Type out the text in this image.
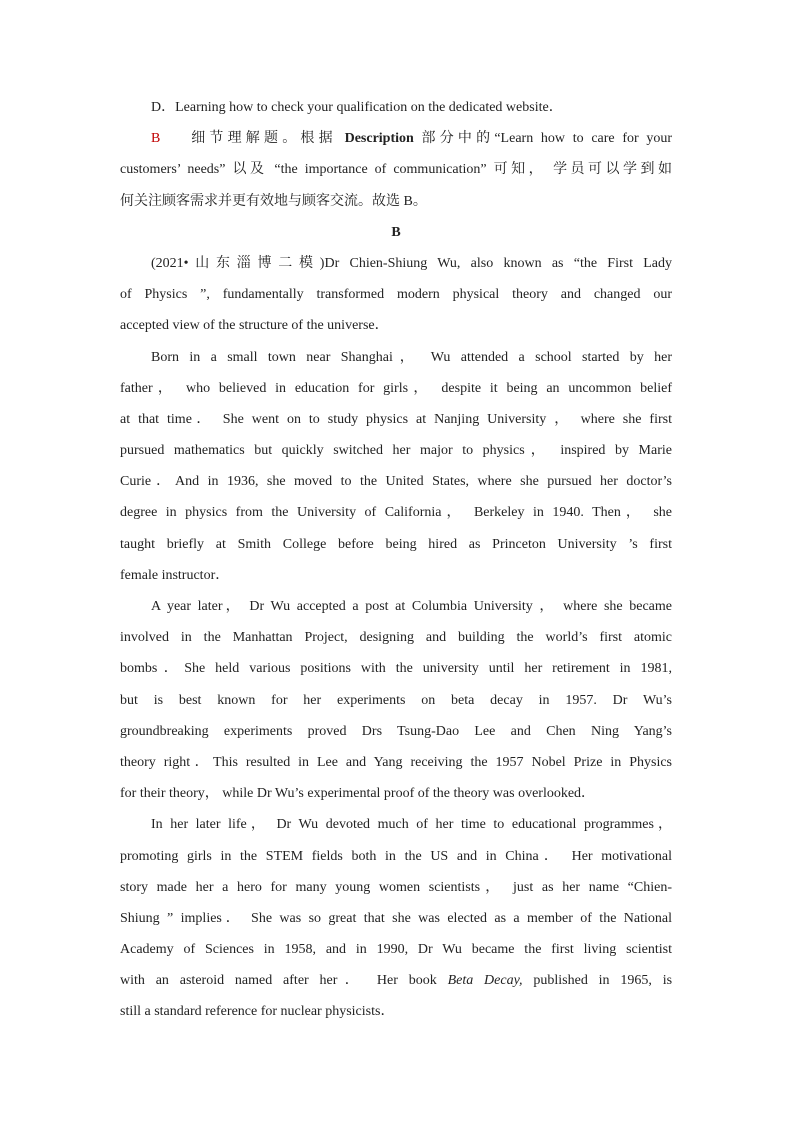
D．Learning how to check your qualification on the dedicated website．
B 细节理解题。根据 Description 部分中的“Learn how to care for your
customers’ needs” 以及 “the importance of communication” 可知， 学员可以学到如
何关注顾客需求并更有效地与顾客交流。故选 B。
B
(2021•山东淄博二模)Dr Chien-Shiung Wu, also known as “the First Lady
of Physics ”, fundamentally transformed modern physical theory and changed our
accepted view of the structure of the universe．
Born in a small town near Shanghai， Wu attended a school started by her
father， who believed in education for girls， despite it being an uncommon belief
at that time． She went on to study physics at Nanjing University ， where she first
pursued mathematics but quickly switched her major to physics， inspired by Marie
Curie．And in 1936, she moved to the United States, where she pursued her doctor’s
degree in physics from the University of California， Berkeley in 1940. Then， she
taught briefly at Smith College before being hired as Princeton University ’s first
female instructor．
A year later， Dr Wu accepted a post at Columbia University ， where she became
involved in the Manhattan Project, designing and building the world’s first atomic
bombs．She held various positions with the university until her retirement in 1981,
but is best known for her experiments on beta decay in 1957. Dr Wu’s
groundbreaking experiments proved Drs Tsung-Dao Lee and Chen Ning Yang’s
theory right．This resulted in Lee and Yang receiving the 1957 Nobel Prize in Physics
for their theory， while Dr Wu’s experimental proof of the theory was overlooked．
In her later life， Dr Wu devoted much of her time to educational programmes，
promoting girls in the STEM fields both in the US and in China． Her motivational
story made her a hero for many young women scientists， just as her name “Chien-
Shiung ” implies． She was so great that she was elected as a member of the National
Academy of Sciences in 1958, and in 1990, Dr Wu became the first living scientist
with an asteroid named after her． Her book Beta Decay, published in 1965, is
still a standard reference for nuclear physicists．
